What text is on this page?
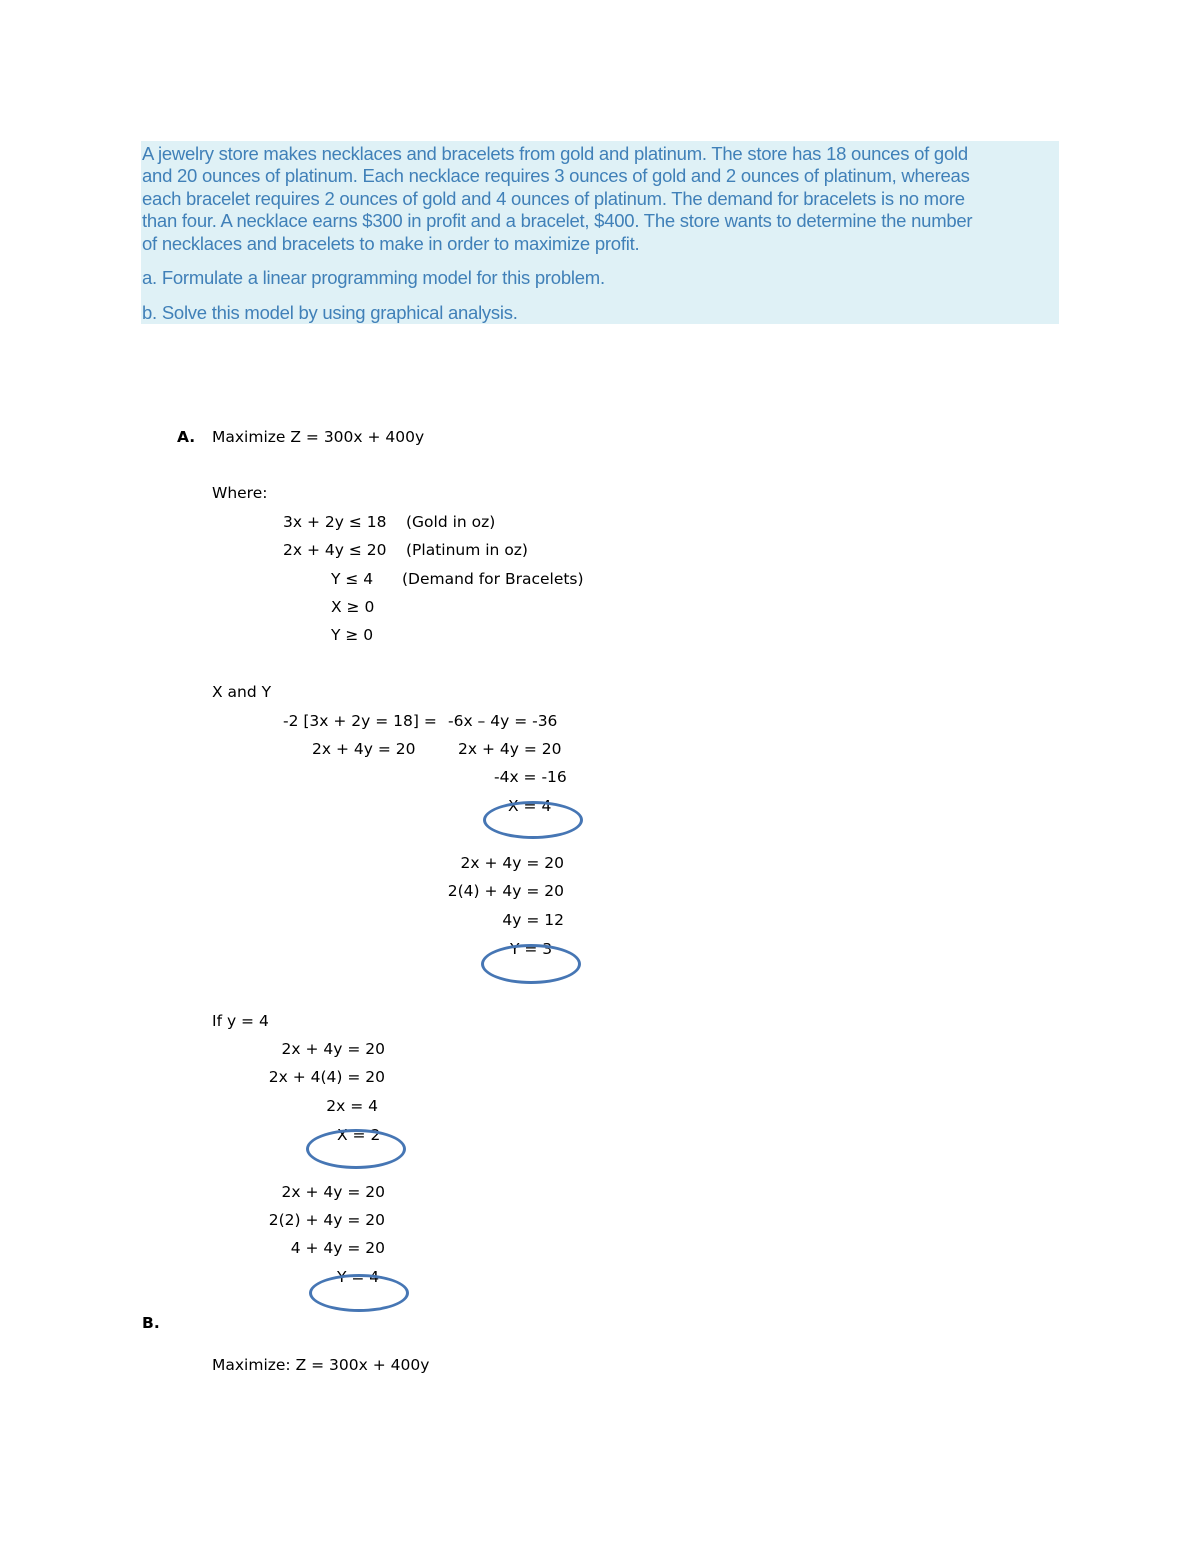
A jewelry store makes necklaces and bracelets from gold and platinum. The store has 18 ounces of gold
and 20 ounces of platinum. Each necklace requires 3 ounces of gold and 2 ounces of platinum, whereas
each bracelet requires 2 ounces of gold and 4 ounces of platinum. The demand for bracelets is no more
than four. A necklace earns $300 in profit and a bracelet, $400. The store wants to determine the number
of necklaces and bracelets to make in order to maximize profit.
a. Formulate a linear programming model for this problem.
b. Solve this model by using graphical analysis.
A. Maximize Z = 300x + 400y
Where:
3x + 2y ≤ 18 (Gold in oz)
2x + 4y ≤ 20 (Platinum in oz)
Y ≤ 4 (Demand for Bracelets)
X ≥ 0
Y ≥ 0
X and Y
-2 [3x + 2y = 18] = -6x – 4y = -36
2x + 4y = 20	2x + 4y = 20
-4x = -16
X = 4
2x + 4y = 20
2(4) + 4y = 20
4y = 12
Y = 3
If y = 4
2x + 4y = 20
2x + 4(4) = 20
2x = 4
X = 2
2x + 4y = 20
2(2) + 4y = 20
4 + 4y = 20
Y = 4
B.
Maximize: Z = 300x + 400y
